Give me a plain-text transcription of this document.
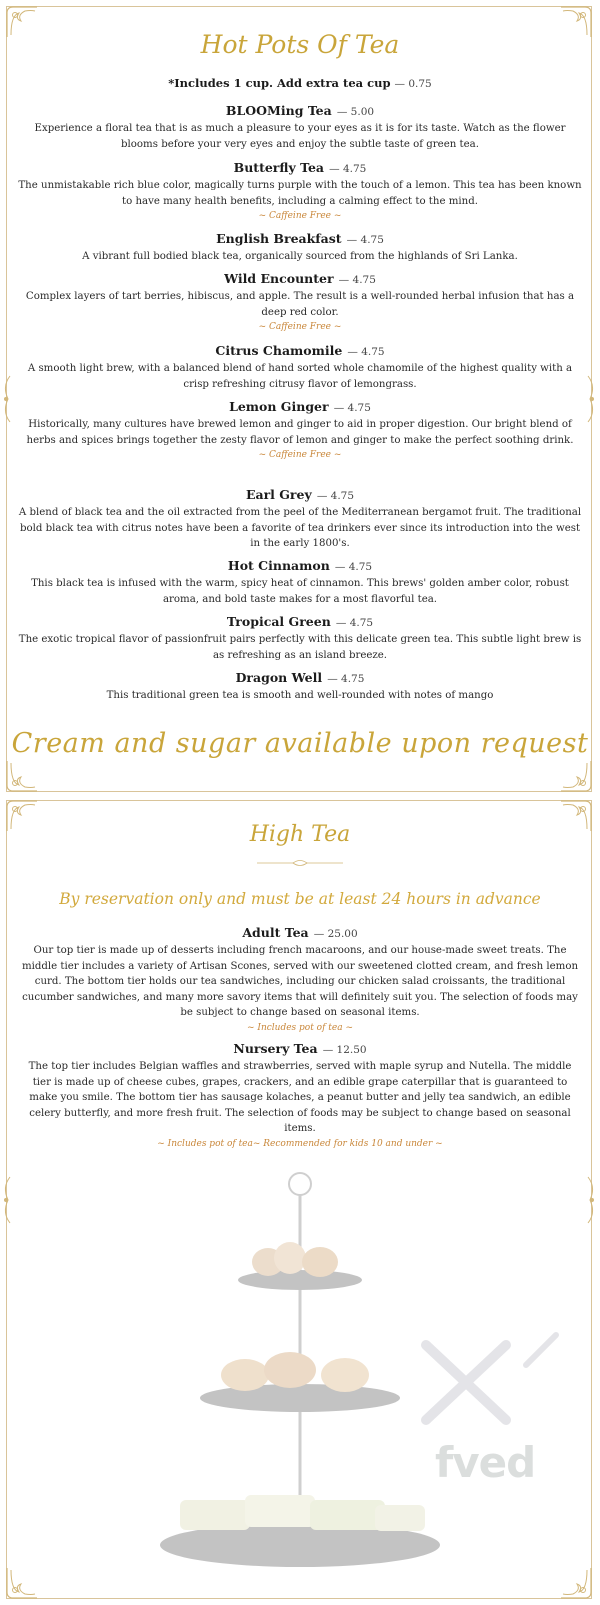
Hot Pots Of Tea
*Includes 1 cup. Add extra tea cup — 0.75
BLOOMing Tea — 5.00
Experience a floral tea that is as much a pleasure to your eyes as it is for its taste. Watch as the flower blooms before your very eyes and enjoy the subtle taste of green tea.
Butterfly Tea — 4.75
The unmistakable rich blue color, magically turns purple with the touch of a lemon. This tea has been known to have many health benefits, including a calming effect to the mind.
~ Caffeine Free ~
English Breakfast — 4.75
A vibrant full bodied black tea, organically sourced from the highlands of Sri Lanka.
Wild Encounter — 4.75
Complex layers of tart berries, hibiscus, and apple. The result is a well-rounded herbal infusion that has a deep red color.
~ Caffeine Free ~
Citrus Chamomile — 4.75
A smooth light brew, with a balanced blend of hand sorted whole chamomile of the highest quality with a crisp refreshing citrusy flavor of lemongrass.
Lemon Ginger — 4.75
Historically, many cultures have brewed lemon and ginger to aid in proper digestion. Our bright blend of herbs and spices brings together the zesty flavor of lemon and ginger to make the perfect soothing drink.
~ Caffeine Free ~
Earl Grey — 4.75
A blend of black tea and the oil extracted from the peel of the Mediterranean bergamot fruit. The traditional bold black tea with citrus notes have been a favorite of tea drinkers ever since its introduction into the west in the early 1800's.
Hot Cinnamon — 4.75
This black tea is infused with the warm, spicy heat of cinnamon. This brews' golden amber color, robust aroma, and bold taste makes for a most flavorful tea.
Tropical Green — 4.75
The exotic tropical flavor of passionfruit pairs perfectly with this delicate green tea. This subtle light brew is as refreshing as an island breeze.
Dragon Well — 4.75
This traditional green tea is smooth and well-rounded with notes of mango
Cream and sugar available upon request
High Tea
By reservation only and must be at least 24 hours in advance
Adult Tea — 25.00
Our top tier is made up of desserts including french macaroons, and our house-made sweet treats. The middle tier includes a variety of Artisan Scones, served with our sweetened clotted cream, and fresh lemon curd. The bottom tier holds our tea sandwiches, including our chicken salad croissants, the traditional cucumber sandwiches, and many more savory items that will definitely suit you. The selection of foods may be subject to change based on seasonal items.
~ Includes pot of tea ~
Nursery Tea — 12.50
The top tier includes Belgian waffles and strawberries, served with maple syrup and Nutella. The middle tier is made up of cheese cubes, grapes, crackers, and an edible grape caterpillar that is guaranteed to make you smile. The bottom tier has sausage kolaches, a peanut butter and jelly tea sandwich, an edible celery butterfly, and more fresh fruit. The selection of foods may be subject to change based on seasonal items.
~ Includes pot of tea~ Recommended for kids 10 and under ~
fved
